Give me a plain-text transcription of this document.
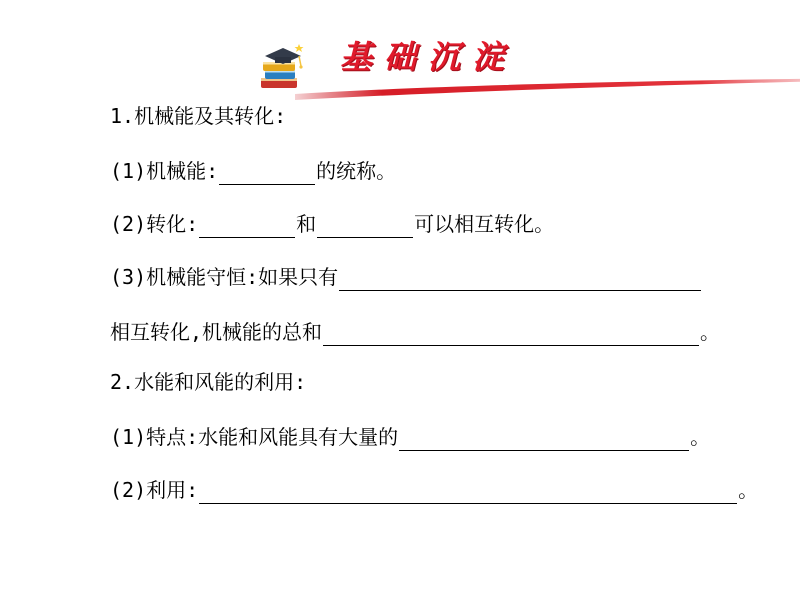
基础沉淀
1.机械能及其转化:
(1)机械能:	的统称。
(2)转化:	和	可以相互转化。
(3)机械能守恒:如果只有
相互转化,机械能的总和	。
2.水能和风能的利用:
(1)特点:水能和风能具有大量的	。
(2)利用:	。
